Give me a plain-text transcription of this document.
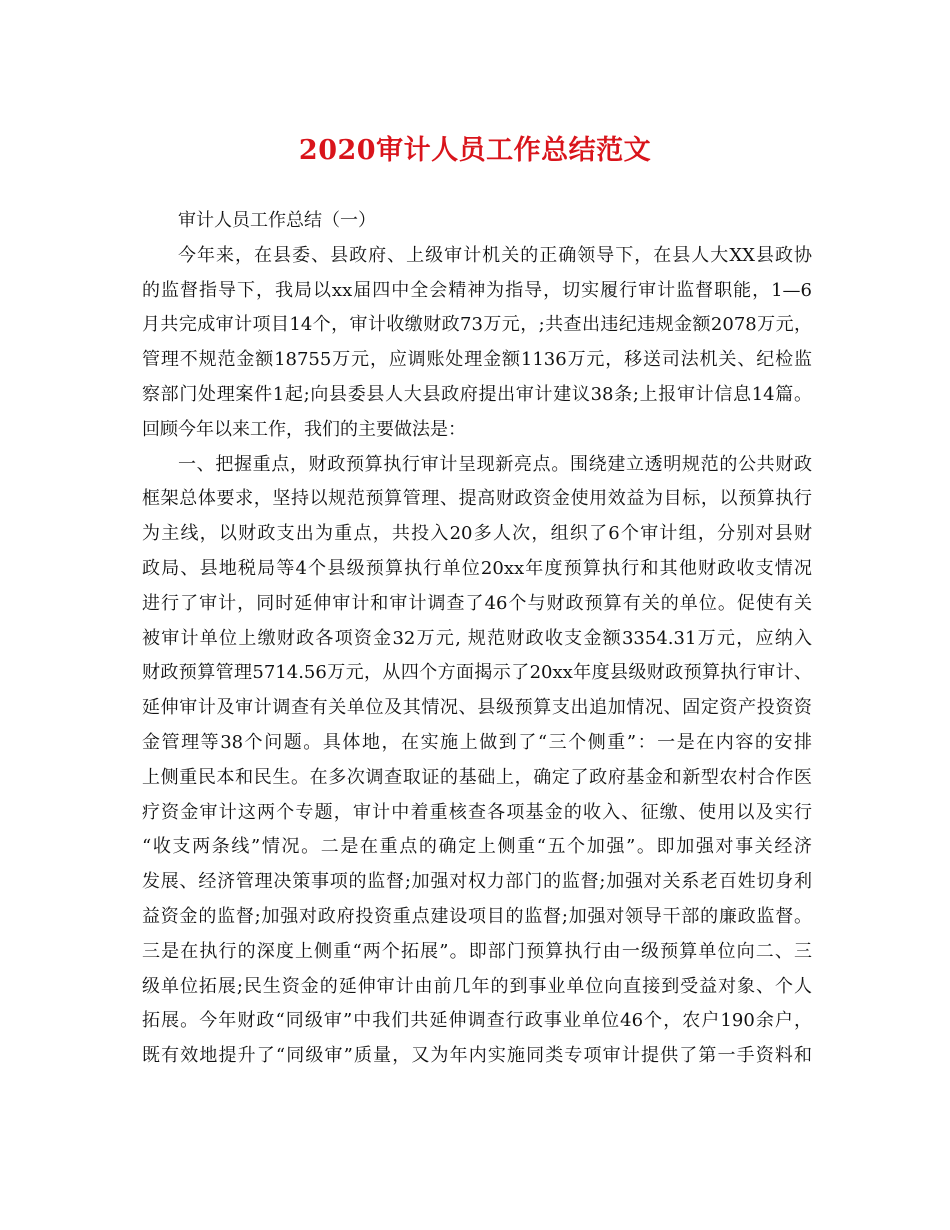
2020审计人员工作总结范文
审计人员工作总结（一）
今年来，在县委、县政府、上级审计机关的正确领导下，在县人大XX县政协
的监督指导下，我局以xx届四中全会精神为指导，切实履行审计监督职能，1—6
月共完成审计项目14个，审计收缴财政73万元，;共查出违纪违规金额2078万元，
管理不规范金额18755万元，应调账处理金额1136万元，移送司法机关、纪检监
察部门处理案件1起;向县委县人大县政府提出审计建议38条;上报审计信息14篇。
回顾今年以来工作，我们的主要做法是：
一、把握重点，财政预算执行审计呈现新亮点。围绕建立透明规范的公共财政
框架总体要求，坚持以规范预算管理、提高财政资金使用效益为目标，以预算执行
为主线，以财政支出为重点，共投入20多人次，组织了6个审计组，分别对县财
政局、县地税局等4个县级预算执行单位20xx年度预算执行和其他财政收支情况
进行了审计，同时延伸审计和审计调查了46个与财政预算有关的单位。促使有关
被审计单位上缴财政各项资金32万元, 规范财政收支金额3354.31万元，应纳入
财政预算管理5714.56万元，从四个方面揭示了20xx年度县级财政预算执行审计、
延伸审计及审计调查有关单位及其情况、县级预算支出追加情况、固定资产投资资
金管理等38个问题。具体地，在实施上做到了“三个侧重”：一是在内容的安排
上侧重民本和民生。在多次调查取证的基础上，确定了政府基金和新型农村合作医
疗资金审计这两个专题，审计中着重核查各项基金的收入、征缴、使用以及实行
“收支两条线”情况。二是在重点的确定上侧重“五个加强”。即加强对事关经济
发展、经济管理决策事项的监督;加强对权力部门的监督;加强对关系老百姓切身利
益资金的监督;加强对政府投资重点建设项目的监督;加强对领导干部的廉政监督。
三是在执行的深度上侧重“两个拓展”。即部门预算执行由一级预算单位向二、三
级单位拓展;民生资金的延伸审计由前几年的到事业单位向直接到受益对象、个人
拓展。今年财政“同级审”中我们共延伸调查行政事业单位46个，农户190余户，
既有效地提升了“同级审”质量，又为年内实施同类专项审计提供了第一手资料和
